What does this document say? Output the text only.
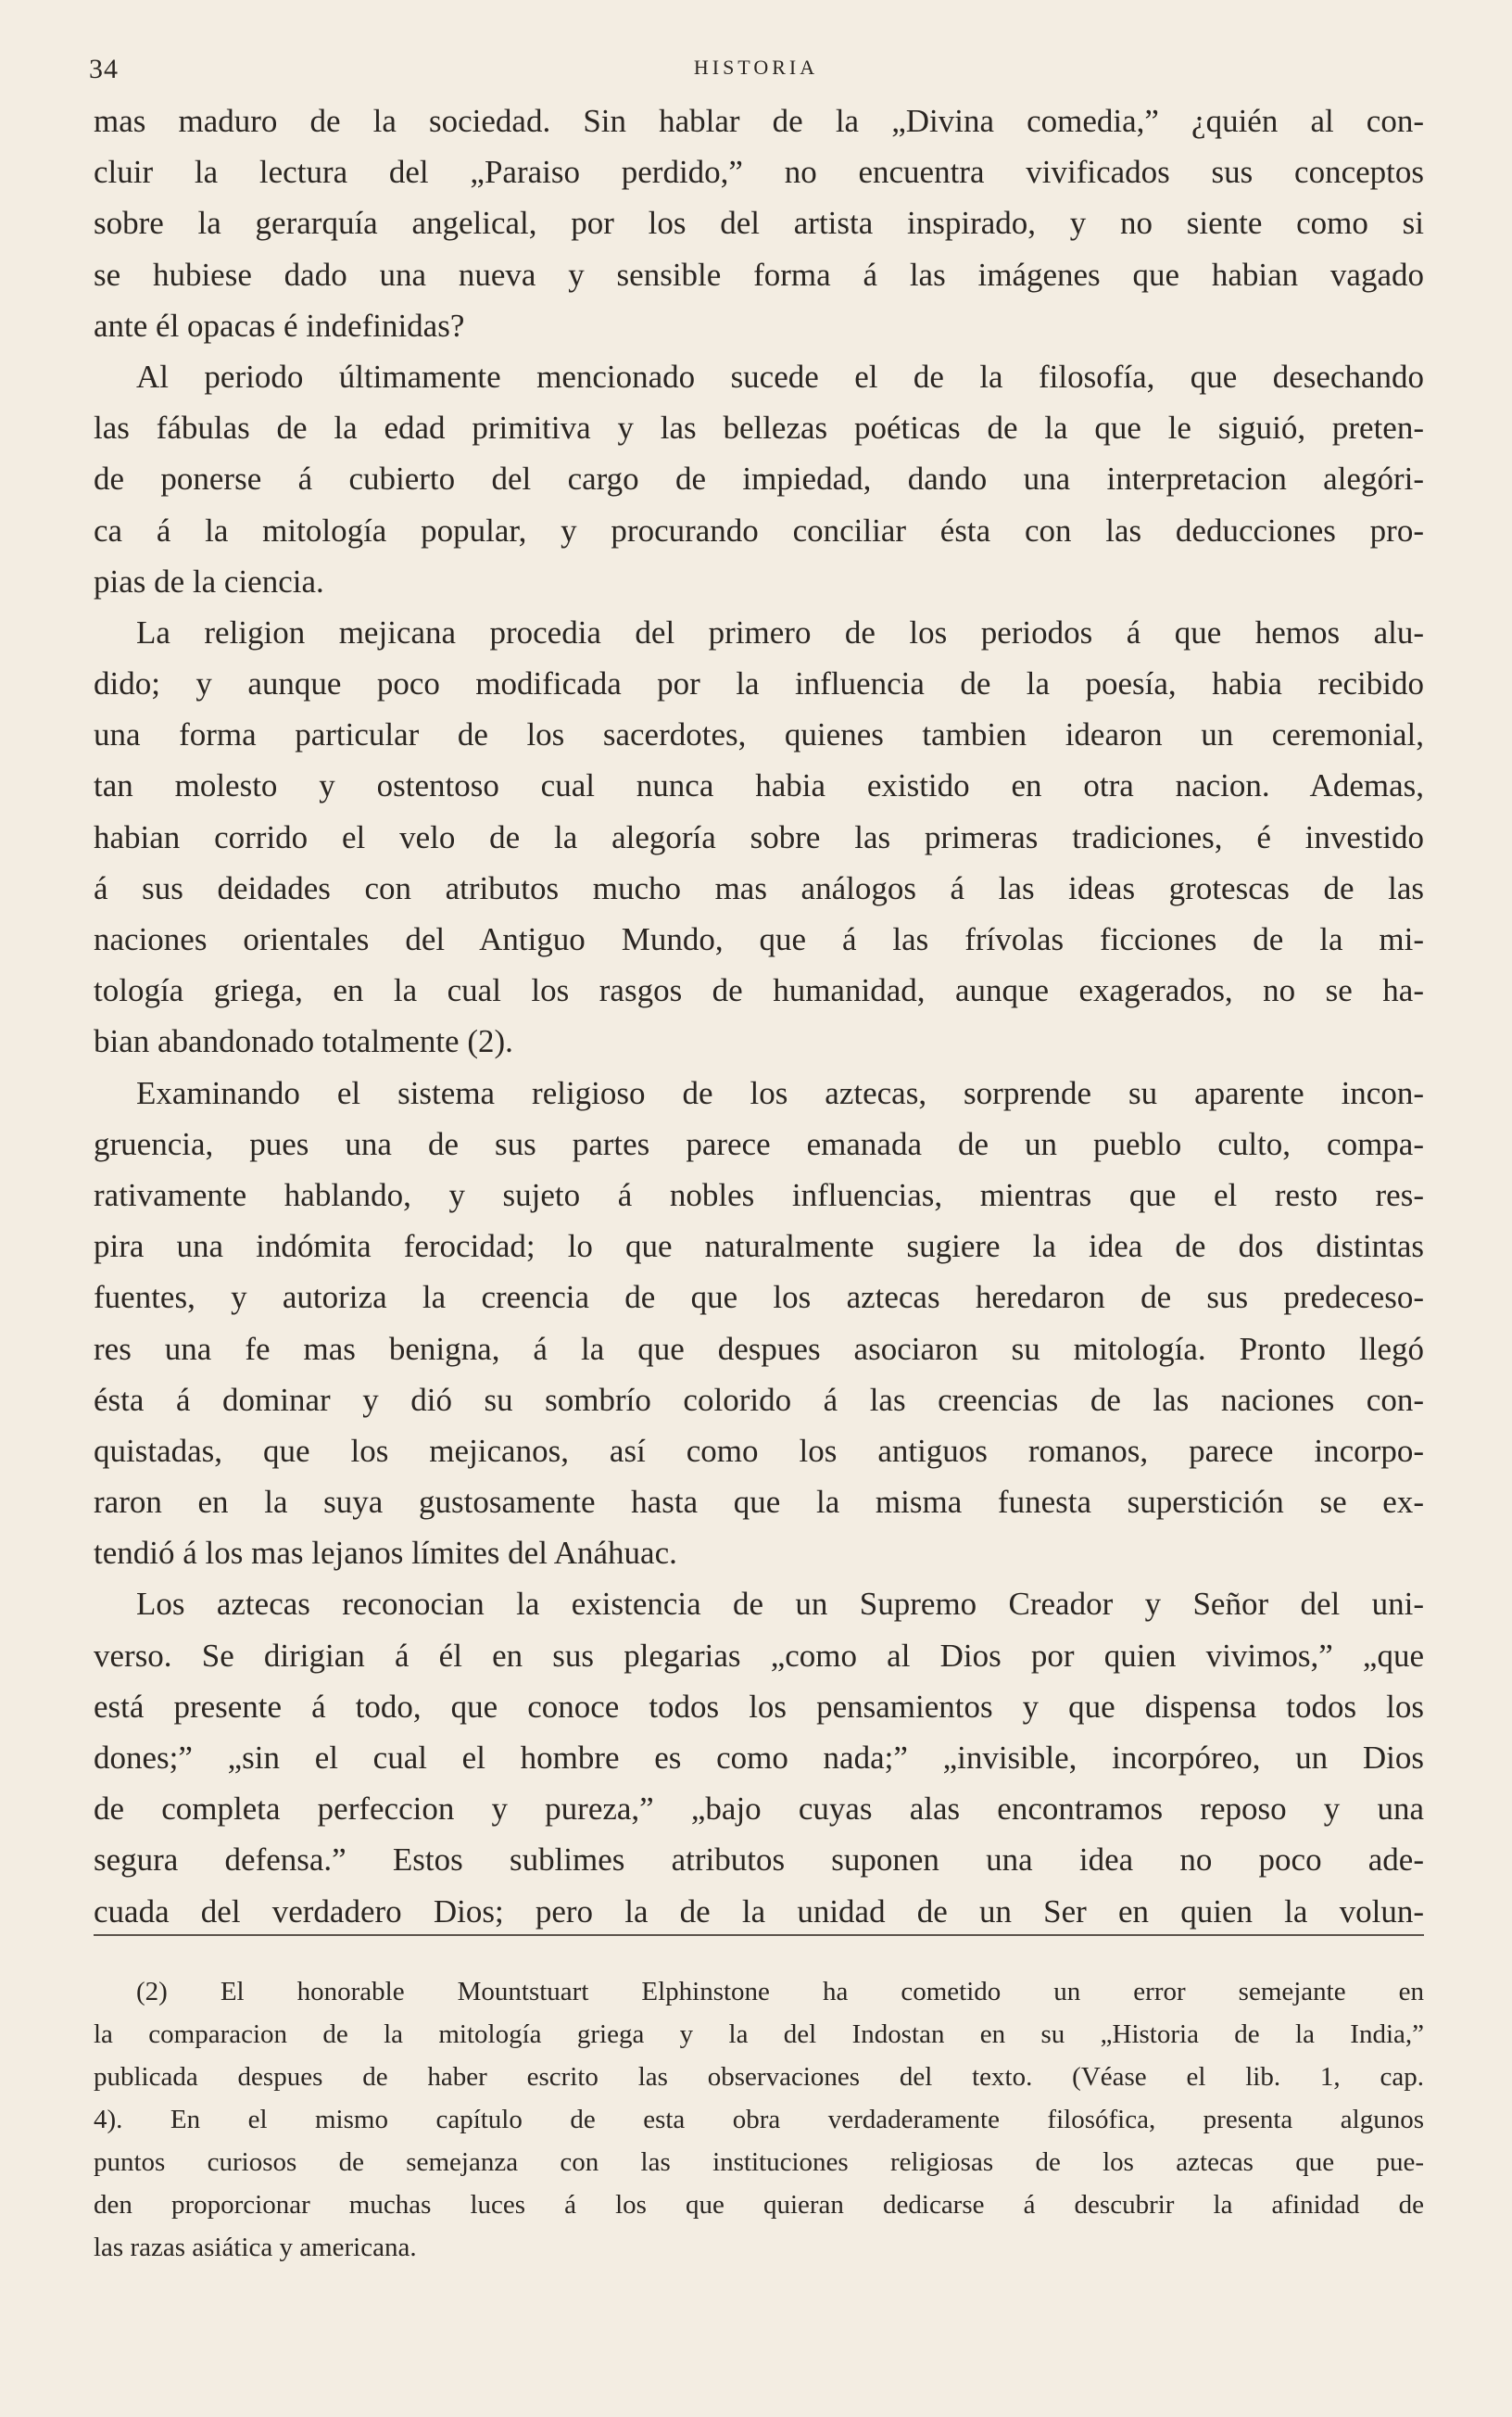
34	HISTORIA
mas maduro de la sociedad. Sin hablar de la „Divina comedia,” ¿quién al con-
cluir la lectura del „Paraiso perdido,” no encuentra vivificados sus conceptos
sobre la gerarquía angelical, por los del artista inspirado, y no siente como si
se hubiese dado una nueva y sensible forma á las imágenes que habian vagado
ante él opacas é indefinidas?
Al periodo últimamente mencionado sucede el de la filosofía, que desechando
las fábulas de la edad primitiva y las bellezas poéticas de la que le siguió, preten-
de ponerse á cubierto del cargo de impiedad, dando una interpretacion alegóri-
ca á la mitología popular, y procurando conciliar ésta con las deducciones pro-
pias de la ciencia.
La religion mejicana procedia del primero de los periodos á que hemos alu-
dido; y aunque poco modificada por la influencia de la poesía, habia recibido
una forma particular de los sacerdotes, quienes tambien idearon un ceremonial,
tan molesto y ostentoso cual nunca habia existido en otra nacion. Ademas,
habian corrido el velo de la alegoría sobre las primeras tradiciones, é investido
á sus deidades con atributos mucho mas análogos á las ideas grotescas de las
naciones orientales del Antiguo Mundo, que á las frívolas ficciones de la mi-
tología griega, en la cual los rasgos de humanidad, aunque exagerados, no se ha-
bian abandonado totalmente (2).
Examinando el sistema religioso de los aztecas, sorprende su aparente incon-
gruencia, pues una de sus partes parece emanada de un pueblo culto, compa-
rativamente hablando, y sujeto á nobles influencias, mientras que el resto res-
pira una indómita ferocidad; lo que naturalmente sugiere la idea de dos distintas
fuentes, y autoriza la creencia de que los aztecas heredaron de sus predeceso-
res una fe mas benigna, á la que despues asociaron su mitología. Pronto llegó
ésta á dominar y dió su sombrío colorido á las creencias de las naciones con-
quistadas, que los mejicanos, así como los antiguos romanos, parece incorpo-
raron en la suya gustosamente hasta que la misma funesta superstición se ex-
tendió á los mas lejanos límites del Anáhuac.
Los aztecas reconocian la existencia de un Supremo Creador y Señor del uni-
verso. Se dirigian á él en sus plegarias „como al Dios por quien vivimos,” „que
está presente á todo, que conoce todos los pensamientos y que dispensa todos los
dones;” „sin el cual el hombre es como nada;” „invisible, incorpóreo, un Dios
de completa perfeccion y pureza,” „bajo cuyas alas encontramos reposo y una
segura defensa.” Estos sublimes atributos suponen una idea no poco ade-
cuada del verdadero Dios; pero la de la unidad de un Ser en quien la volun-
(2) El honorable Mountstuart Elphinstone ha cometido un error semejante en
la comparacion de la mitología griega y la del Indostan en su „Historia de la India,”
publicada despues de haber escrito las observaciones del texto. (Véase el lib. 1, cap.
4). En el mismo capítulo de esta obra verdaderamente filosófica, presenta algunos
puntos curiosos de semejanza con las instituciones religiosas de los aztecas que pue-
den proporcionar muchas luces á los que quieran dedicarse á descubrir la afinidad de
las razas asiática y americana.
